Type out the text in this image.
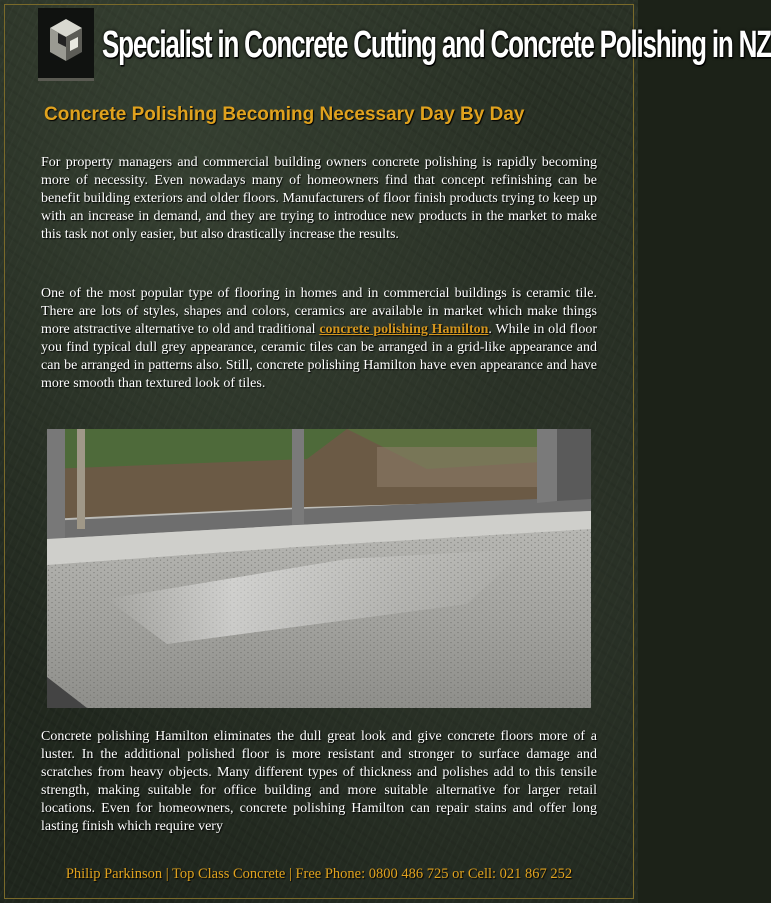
Specialist in Concrete Cutting and Concrete Polishing in NZ
Concrete Polishing Becoming Necessary Day By Day

For property managers and commercial building owners concrete polishing is rapidly becoming more of necessity. Even nowadays many of homeowners find that concept refinishing can be benefit building exteriors and older floors. Manufacturers of floor finish products trying to keep up with an increase in demand, and they are trying to introduce new products in the market to make this task not only easier, but also drastically increase the results.

One of the most popular type of flooring in homes and in commercial buildings is ceramic tile. There are lots of styles, shapes and colors, ceramics are available in market which make things more atstractive alternative to old and traditional concrete polishing Hamilton. While in old floor you find typical dull grey appearance, ceramic tiles can be arranged in a grid-like appearance and can be arranged in patterns also. Still, concrete polishing Hamilton have even appearance and have more smooth than textured look of tiles.

Concrete polishing Hamilton eliminates the dull great look and give concrete floors more of a luster. In the additional polished floor is more resistant and stronger to surface damage and scratches from heavy objects. Many different types of thickness and polishes add to this tensile strength, making suitable for office building and more suitable alternative for larger retail locations. Even for homeowners, concrete polishing Hamilton can repair stains and offer long lasting finish which require very

Philip Parkinson | Top Class Concrete | Free Phone: 0800 486 725 or Cell: 021 867 252
